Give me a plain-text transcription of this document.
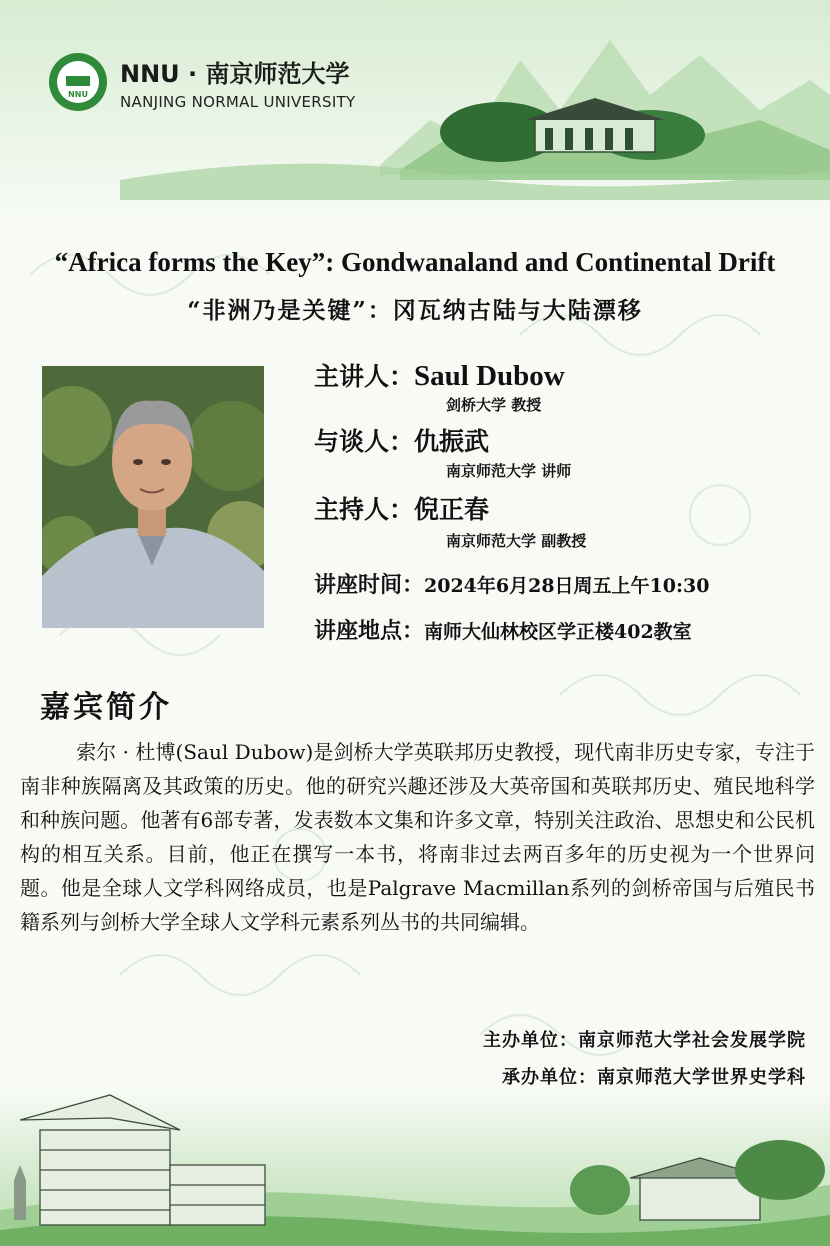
NNU
NNU · 南京师范大学
NANJING NORMAL UNIVERSITY
“Africa forms the Key”: Gondwanaland and Continental Drift
“非洲乃是关键”：冈瓦纳古陆与大陆漂移
主讲人：Saul Dubow
剑桥大学 教授
与谈人：仇振武
南京师范大学 讲师
主持人：倪正春
南京师范大学 副教授
讲座时间：2024年6月28日周五上午10:30
讲座地点：南师大仙林校区学正楼402教室
嘉宾简介
索尔 · 杜博(Saul Dubow)是剑桥大学英联邦历史教授，现代南非历史专家，专注于南非种族隔离及其政策的历史。他的研究兴趣还涉及大英帝国和英联邦历史、殖民地科学和种族问题。他著有6部专著，发表数本文集和许多文章，特别关注政治、思想史和公民机构的相互关系。目前，他正在撰写一本书，将南非过去两百多年的历史视为一个世界问题。他是全球人文学科网络成员，也是Palgrave Macmillan系列的剑桥帝国与后殖民书籍系列与剑桥大学全球人文学科元素系列丛书的共同编辑。
主办单位：南京师范大学社会发展学院
承办单位：南京师范大学世界史学科
